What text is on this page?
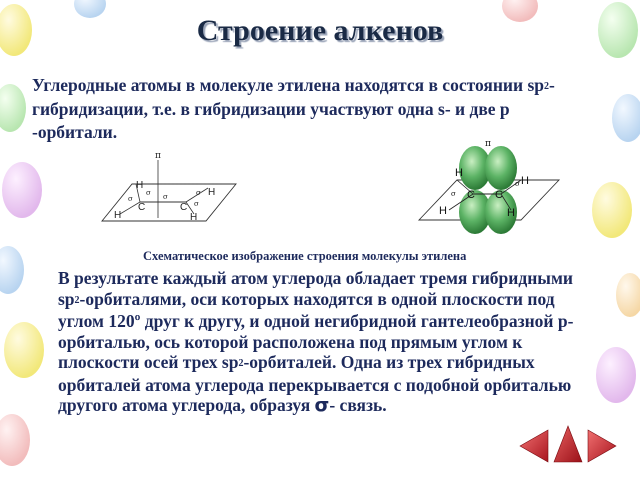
Строение алкенов
Углеродные атомы в молекуле этилена находятся в состоянии $sp^2$-гибридизации, т.е. в гибридизации участвуют одна s- и две p -орбитали.
π
H
H
H	H
C	C
σ
σ σ	σ
σ
π
H
H
H	H
C C
σ
σ
Схематическое изображение строения молекулы этилена
В результате каждый атом углерода обладает тремя гибридными $sp^2$-орбиталями, оси которых находятся в одной плоскости под углом 120º друг к другу, и одной негибридной гантелеобразной p-орбиталью, ось которой расположена под прямым углом к плоскости осей трех $sp^2$-орбиталей. Одна из трех гибридных орбиталей атома углерода перекрывается с подобной орбиталью другого атома углерода, образуя σ- связь.
